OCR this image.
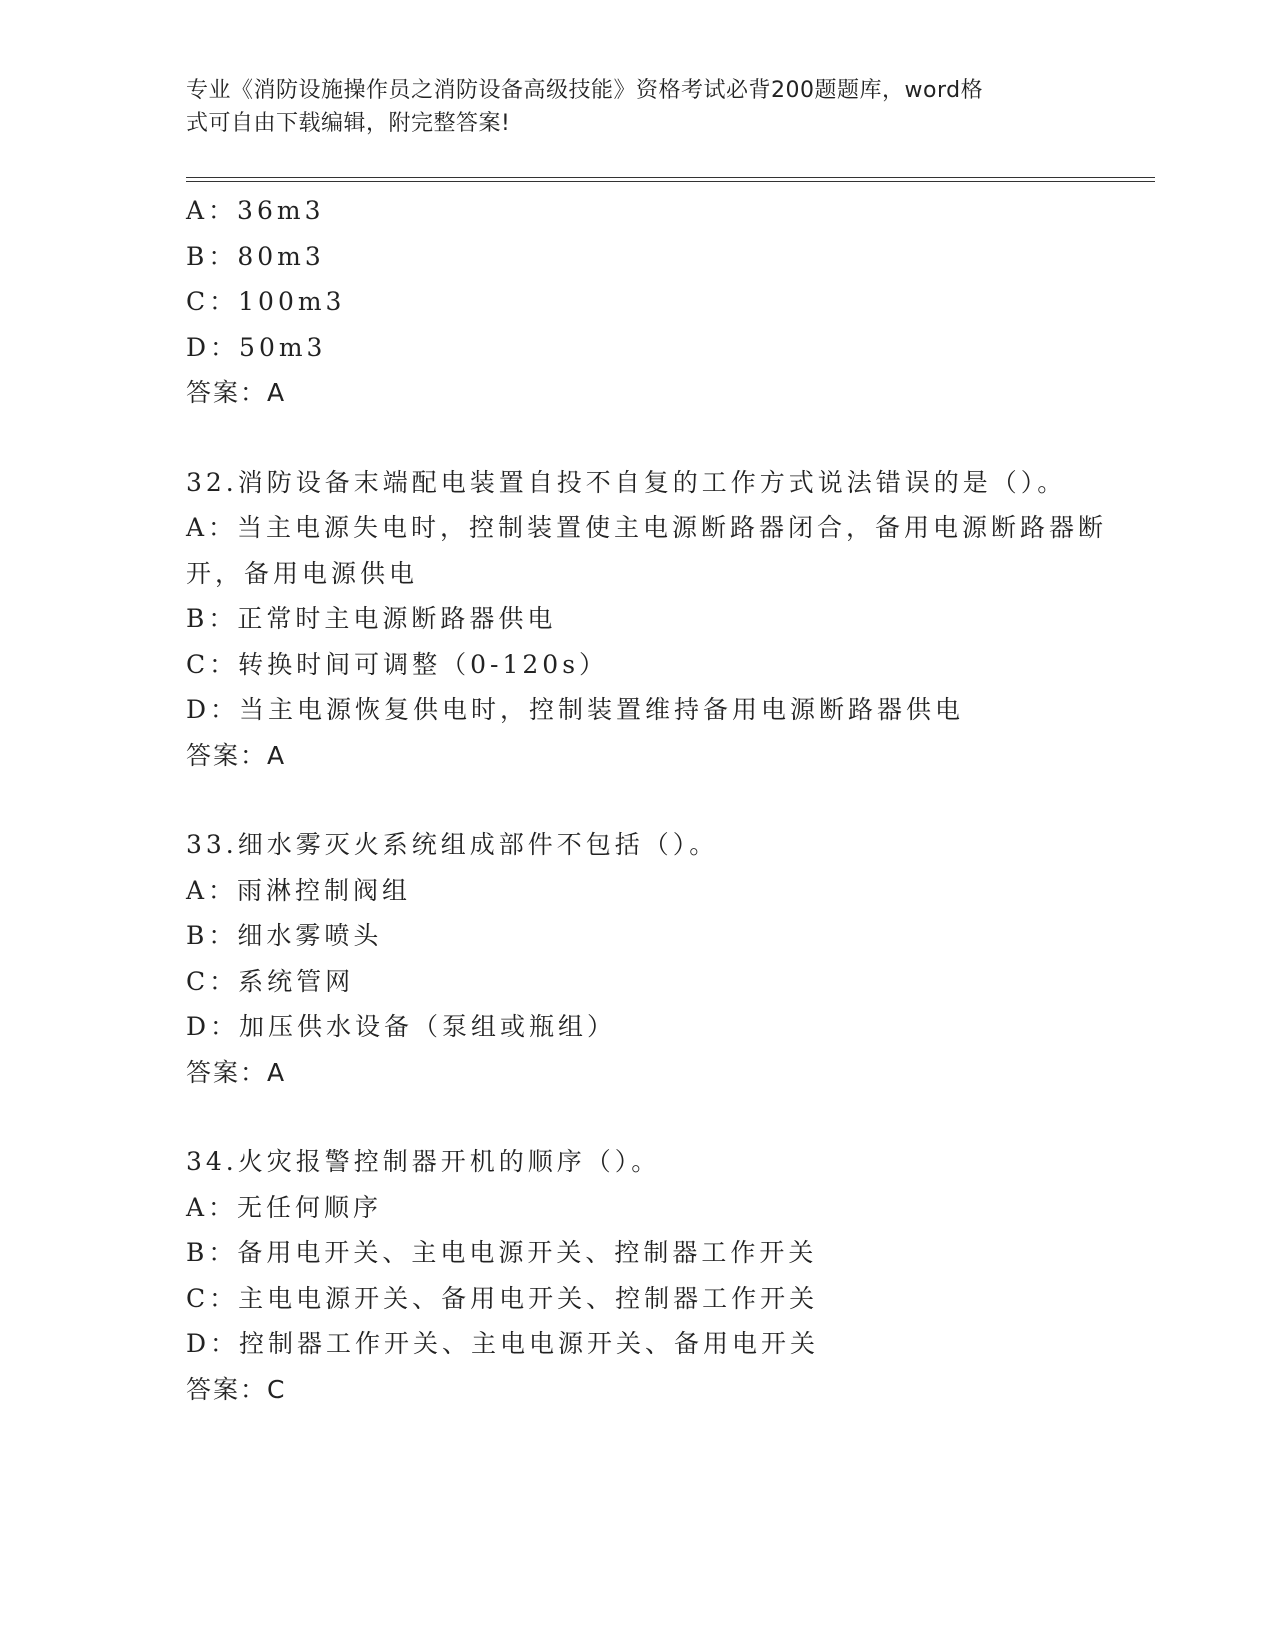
专业《消防设施操作员之消防设备高级技能》资格考试必背200题题库，word格
式可自由下载编辑，附完整答案!
A：36m3
B：80m3
C：100m3
D：50m3
答案：A
32.消防设备末端配电装置自投不自复的工作方式说法错误的是（）。
A：当主电源失电时，控制装置使主电源断路器闭合，备用电源断路器断开，备用电源供电
B：正常时主电源断路器供电
C：转换时间可调整（0-120s）
D：当主电源恢复供电时，控制装置维持备用电源断路器供电
答案：A
33.细水雾灭火系统组成部件不包括（）。
A：雨淋控制阀组
B：细水雾喷头
C：系统管网
D：加压供水设备（泵组或瓶组）
答案：A
34.火灾报警控制器开机的顺序（）。
A：无任何顺序
B：备用电开关、主电电源开关、控制器工作开关
C：主电电源开关、备用电开关、控制器工作开关
D：控制器工作开关、主电电源开关、备用电开关
答案：C
